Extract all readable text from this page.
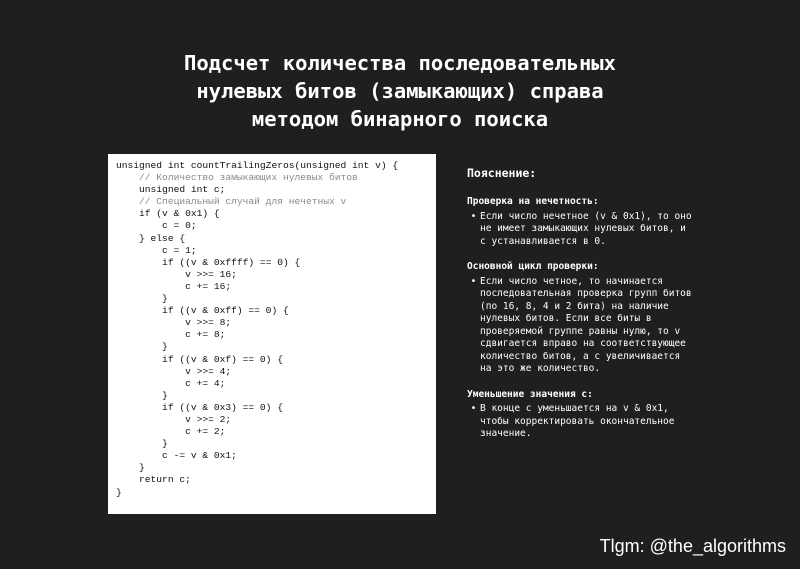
Подсчет количества последовательных
нулевых битов (замыкающих) справа
методом бинарного поиска
unsigned int countTrailingZeros(unsigned int v) {
// Количество замыкающих нулевых битов
unsigned int c;
// Специальный случай для нечетных v
if (v & 0x1) {
c = 0;
} else {
c = 1;
if ((v & 0xffff) == 0) {
v >>= 16;
c += 16;
}
if ((v & 0xff) == 0) {
v >>= 8;
c += 8;
}
if ((v & 0xf) == 0) {
v >>= 4;
c += 4;
}
if ((v & 0x3) == 0) {
v >>= 2;
c += 2;
}
c -= v & 0x1;
}
return c;
}
Пояснение:
Проверка на нечетность:
• Если число нечетное (v & 0x1), то оно
не имеет замыкающих нулевых битов, и
с устанавливается в 0.
Основной цикл проверки:
• Если число четное, то начинается
последовательная проверка групп битов
(по 16, 8, 4 и 2 бита) на наличие
нулевых битов. Если все биты в
проверяемой группе равны нулю, то v
сдвигается вправо на соответствующее
количество битов, а с увеличивается
на это же количество.
Уменьшение значения с:
• В конце с уменьшается на v & 0x1,
чтобы корректировать окончательное
значение.
Tlgm: @the_algorithms
